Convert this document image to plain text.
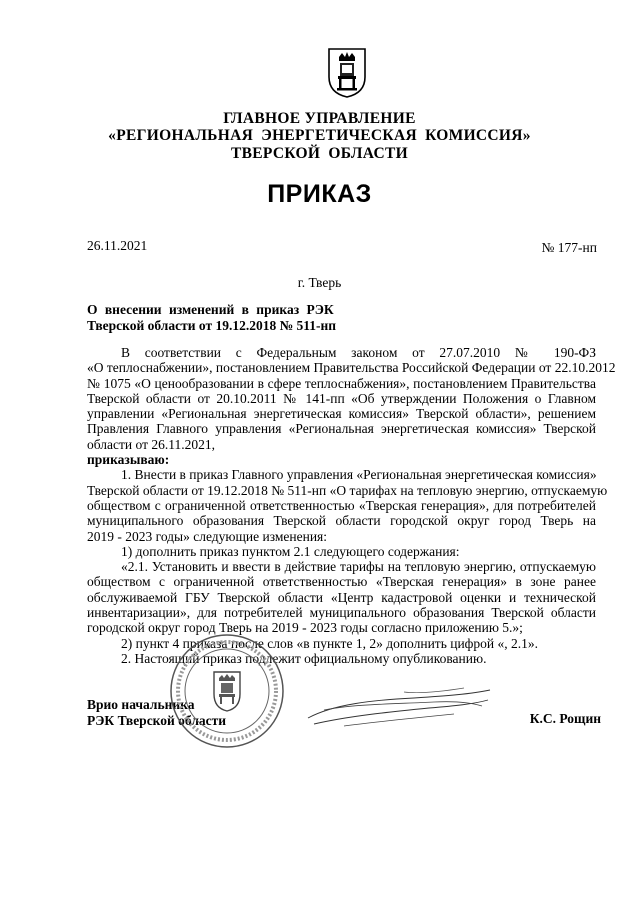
ГЛАВНОЕ УПРАВЛЕНИЕ
«РЕГИОНАЛЬНАЯ ЭНЕРГЕТИЧЕСКАЯ КОМИССИЯ»
ТВЕРСКОЙ ОБЛАСТИ
ПРИКАЗ
26.11.2021	№ 177-нп
г. Тверь
О внесении изменений в приказ РЭК
Тверской области от 19.12.2018 № 511-нп
В соответствии с Федеральным законом от 27.07.2010 № 190-ФЗ
«О теплоснабжении», постановлением Правительства Российской Федерации от 22.10.2012
№ 1075 «О ценообразовании в сфере теплоснабжения», постановлением Правительства
Тверской области от 20.10.2011 № 141-пп «Об утверждении Положения о Главном
управлении «Региональная энергетическая комиссия» Тверской области», решением
Правления Главного управления «Региональная энергетическая комиссия» Тверской
области от 26.11.2021,
приказываю:
1. Внести в приказ Главного управления «Региональная энергетическая комиссия»
Тверской области от 19.12.2018 № 511-нп «О тарифах на тепловую энергию, отпускаемую
обществом с ограниченной ответственностью «Тверская генерация», для потребителей
муниципального образования Тверской области городской округ город Тверь на
2019 - 2023 годы» следующие изменения:
1) дополнить приказ пунктом 2.1 следующего содержания:
«2.1. Установить и ввести в действие тарифы на тепловую энергию, отпускаемую
обществом с ограниченной ответственностью «Тверская генерация» в зоне ранее
обслуживаемой ГБУ Тверской области «Центр кадастровой оценки и технической
инвентаризации», для потребителей муниципального образования Тверской области
городской округ город Тверь на 2019 - 2023 годы согласно приложению 5.»;
2) пункт 4 приказа после слов «в пункте 1, 2» дополнить цифрой «, 2.1».
2. Настоящий приказ подлежит официальному опубликованию.
Врио начальника
РЭК Тверской области	К.С. Рощин
